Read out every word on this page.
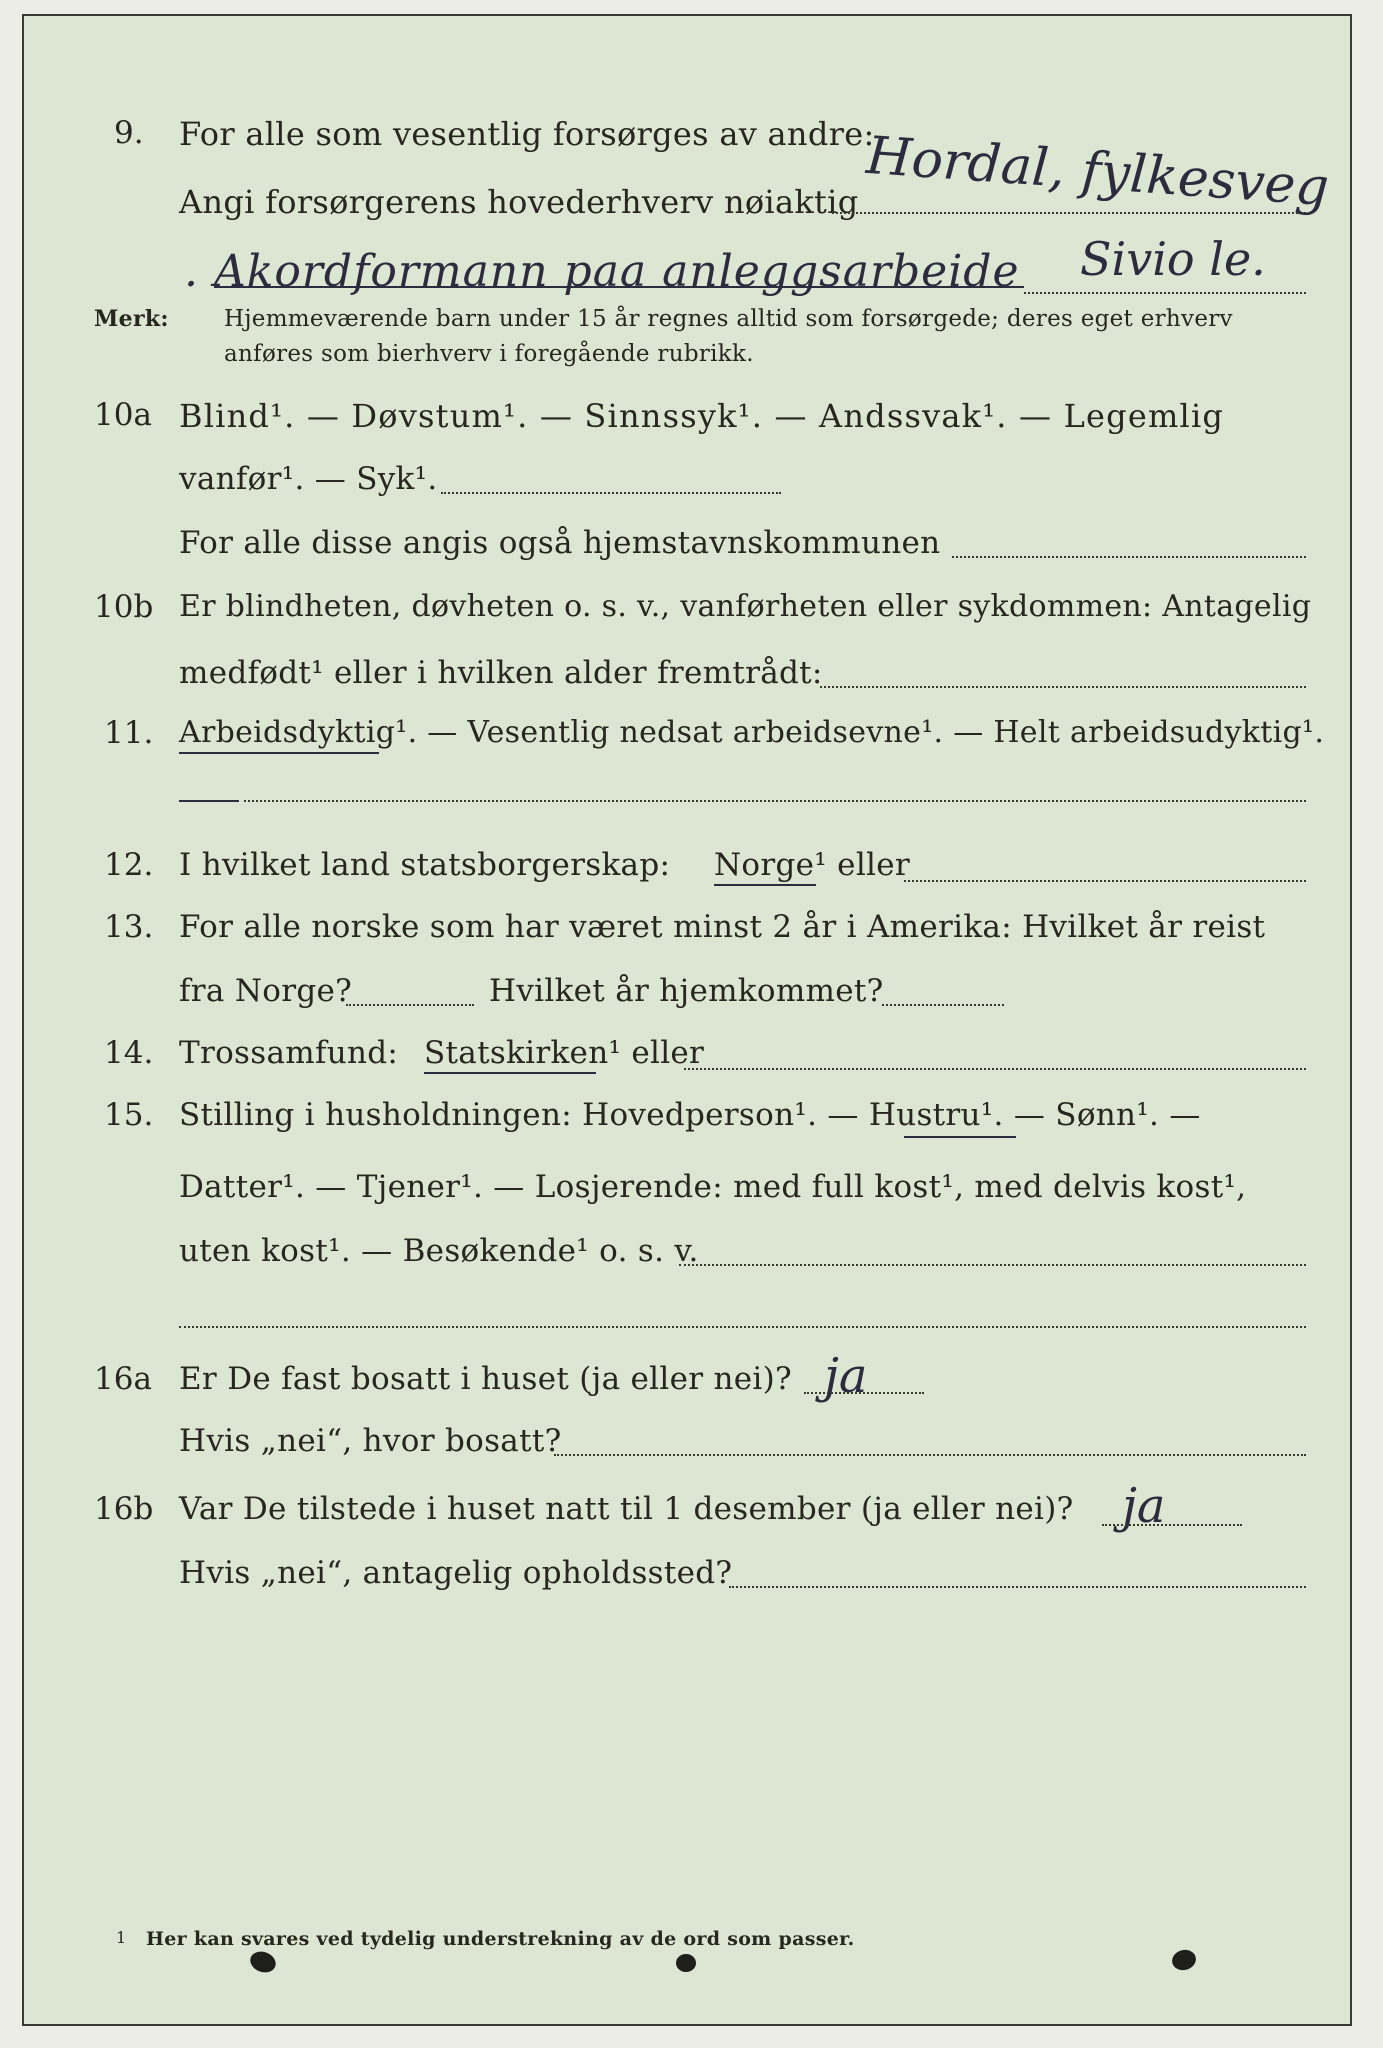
9. For alle som vesentlig forsørges av andre:
Angi forsørgerens hovederhverv nøiaktig Hordal, fylkesveg
. Akordformann paa anleggsarbeide Sivio le.
Merk: Hjemmeværende barn under 15 år regnes alltid som forsørgede; deres eget erhverv
anføres som bierhverv i foregående rubrikk.
10a Blind¹. — Døvstum¹. — Sinnssyk¹. — Andssvak¹. — Legemlig
vanfør¹. — Syk¹.
For alle disse angis også hjemstavnskommunen
10b Er blindheten, døvheten o. s. v., vanførheten eller sykdommen: Antagelig
medfødt¹ eller i hvilken alder fremtrådt:
11. Arbeidsdyktig¹. — Vesentlig nedsat arbeidsevne¹. — Helt arbeidsudyktig¹.
12. I hvilket land statsborgerskap: Norge¹ eller
13. For alle norske som har været minst 2 år i Amerika: Hvilket år reist
fra Norge?	Hvilket år hjemkommet?
14. Trossamfund: Statskirken¹ eller
15. Stilling i husholdningen: Hovedperson¹. — Hustru¹. — Sønn¹. —
Datter¹. — Tjener¹. — Losjerende: med full kost¹, med delvis kost¹,
uten kost¹. — Besøkende¹ o. s. v.
16a Er De fast bosatt i huset (ja eller nei)? ja
Hvis „nei“, hvor bosatt?
16b Var De tilstede i huset natt til 1 desember (ja eller nei)? ja
Hvis „nei“, antagelig opholdssted?
1 Her kan svares ved tydelig understrekning av de ord som passer.
